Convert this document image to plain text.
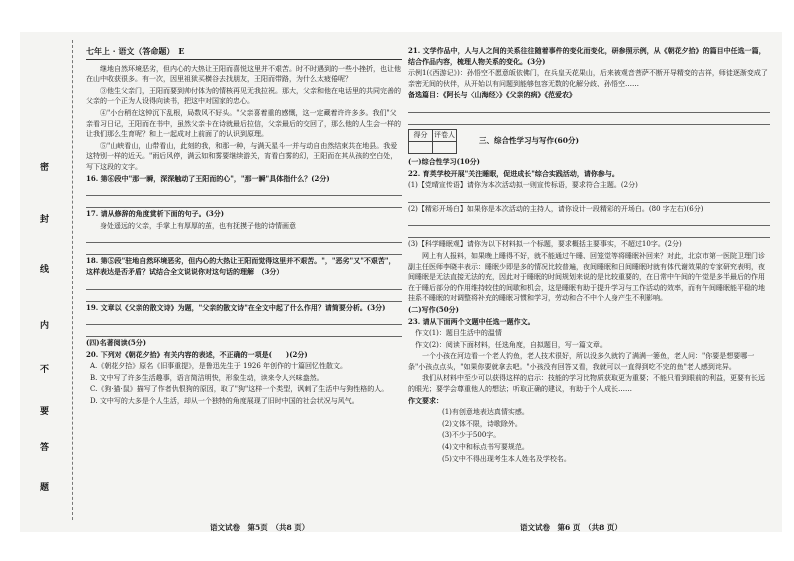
密
封
线
内
不
要
答
题
七年上 · 语文（答命题）　E
　　继地自然环境恶劣，但内心的大热让王阳而喜悦这里并不艰苦。时不时遇到的一些小挫折，也让他在山中收获很多。有一次，因里祖狱买横谷去找朋友，王阳而带路，为什么太疲倦呢？
　　③他生父亲门，王阳而要到帅付体为的情核再见无我拉祝。那大，父亲和他在电话里的共同完善的父亲的一个正为人设得向读书，把这中对国家的忠心。
　　④"小台稍在这钟沉下乱根，局数风不好头。"父亲喜着重的感慨，这一定藏着许许多多。我们"父亲看习日记，王阳而在书中，虽然父亲卡在诗就最后拉信，父亲最后的交回了，那么他的人生会一样的让我们那么生育呢？和上一起成对上前面了的认识到原理。
　　⑤"山峡看山，山带看山，此刻的我，和那一种，与满天星斗一并与动自由然结束共在地县。我爱这特别一样的近天。"雨后风停，满云如和雾要继续游关，宵看白雾的幻，王阳而在其从孩的空白处，写下这段的文字。
16. 第⑥段中"那一瞬，深深触动了王阳而的心"，"那一瞬"具体指什么？(2分)
17. 请从修辞的角度赏析下面的句子。(3分)
　　身处遥远的父亲，手掌上有厚厚的茧，也有抚摸子他的诗情画意
18. 第⑤段"驻地自然环境恶劣，但内心的大热让王阳而觉得这里并不艰苦。"，"恶劣"又"不艰苦"，这样表达是否矛盾？试结合全文说说你对这句话的理解　（3分）
19. 文章以《父亲的散文诗》为题，"父亲的散文诗"在全文中起了什么作用？请简要分析。(3分)
(四)名著阅读(5分)
20. 下列对《朝花夕拾》有关内容的表述，不正确的一项是(　　)(2分)
A.《朝花夕拾》原名《旧事重提》，是鲁迅先生于 1926 年创作的十篇回忆性散文。
B. 文中写了许多生活趣事，语言简洁明快，形象生动，读来令人兴味盎然。
C.《狗·猫·鼠》描写了作者仇恨狗的原因，取了"狗"这样一个类型，讽刺了生活中与狗性格的人。
D. 文中写的大多是个人生活，却从一个独特的角度展现了旧时中国的社会状况与风气。
21. 文学作品中，人与人之间的关系往往随着事件的变化而变化，研参照示例，从《朝花夕拾》的篇目中任选一篇，结合作品内容，梳理人物关系的变化。(3分)
示例1(《西游记》)：孙悟空不愿意皈依佛门，在兵皇天花果山，后来被观音菩萨不断开导精变的吉祥，师徒逐渐变成了亲密无间的伙伴，从开始以有问题到能够包容无数的化解分歧、孙悟空……
备选篇目：《阿长与〈山海经〉》《父亲的病》《范爱农》
得分	评卷人

三、综合性学习与写作(60分)
(一)综合性学习(10分)
22. 育英学校开展"关注睡眠，促进成长"综合实践活动，请你参与。
(1)【党晴宣传语】请你为本次活动拟一则宣传标语，要求符合主题。(2分)
(2)【精彩开场白】如果你是本次活动的主持人，请你设计一段精彩的开场白。(80 字左右)(6分)
(3)【科学睡眠观】请你为以下材料拟一个标题，要求概括主要事实，不超过10字。(2分)
　　网上有人报料，如果晚上睡得不好，就不能通过午睡、回笼觉等将睡眠补回来？对此，北京市第一医院卫理门诊副主任医师李晓丰表示：睡眠少即是多的情况比较普遍，夜间睡眠和日间睡眠时就有体代谢效果的专家研究表明，夜间睡眠是无法直接无法的充，因此对于睡眠的时间规划来说的是比较重要的，在日常中午间的午觉是多半最后的作用在于睡后部分的作用维持较佳的间歇和机会，这是睡眠有助于提升学习与工作活动的效率，而有午间睡眠能平稳的地挂系不睡眠的对调整将补充的睡眠习惯和学习，劳动和合不中个人身产生不利影响。
(二)写作(50分)
23. 请从下面两个文题中任选一题作文。
　作文(1)：题目生活中的温情
　作文(2)：阅读下面材料，任选角度，自拟题目，写一篇文章。
　　一个小孩在河边看一个老人钓鱼，老人技术很好，所以没多久就钓了满满一篓鱼，老人问："你要是想要哪一条"小孩点点头，"如果你要就拿去吧。"小孩没有回答又看，我就可以一直得到吃不完的鱼"老人感到诧异。
　　我们从材料中至少可以获得这样的启示：技能的学习比物质获取更为重要；不能只看到眼前的利益，更要有长远的眼光；要学会尊重他人的想法；听取正确的建议，有助于个人成长……
作文要求：
(1)有创意地表达真情实感。
(2)文体不限，诗歌除外。
(3)不少于500字。
(4)文中和标点书写要规范。
(5)文中不得出现考生本人姓名及学校名。
语文试卷　第5页　（共8 页）	语文试卷　第6 页　（共8 页）
